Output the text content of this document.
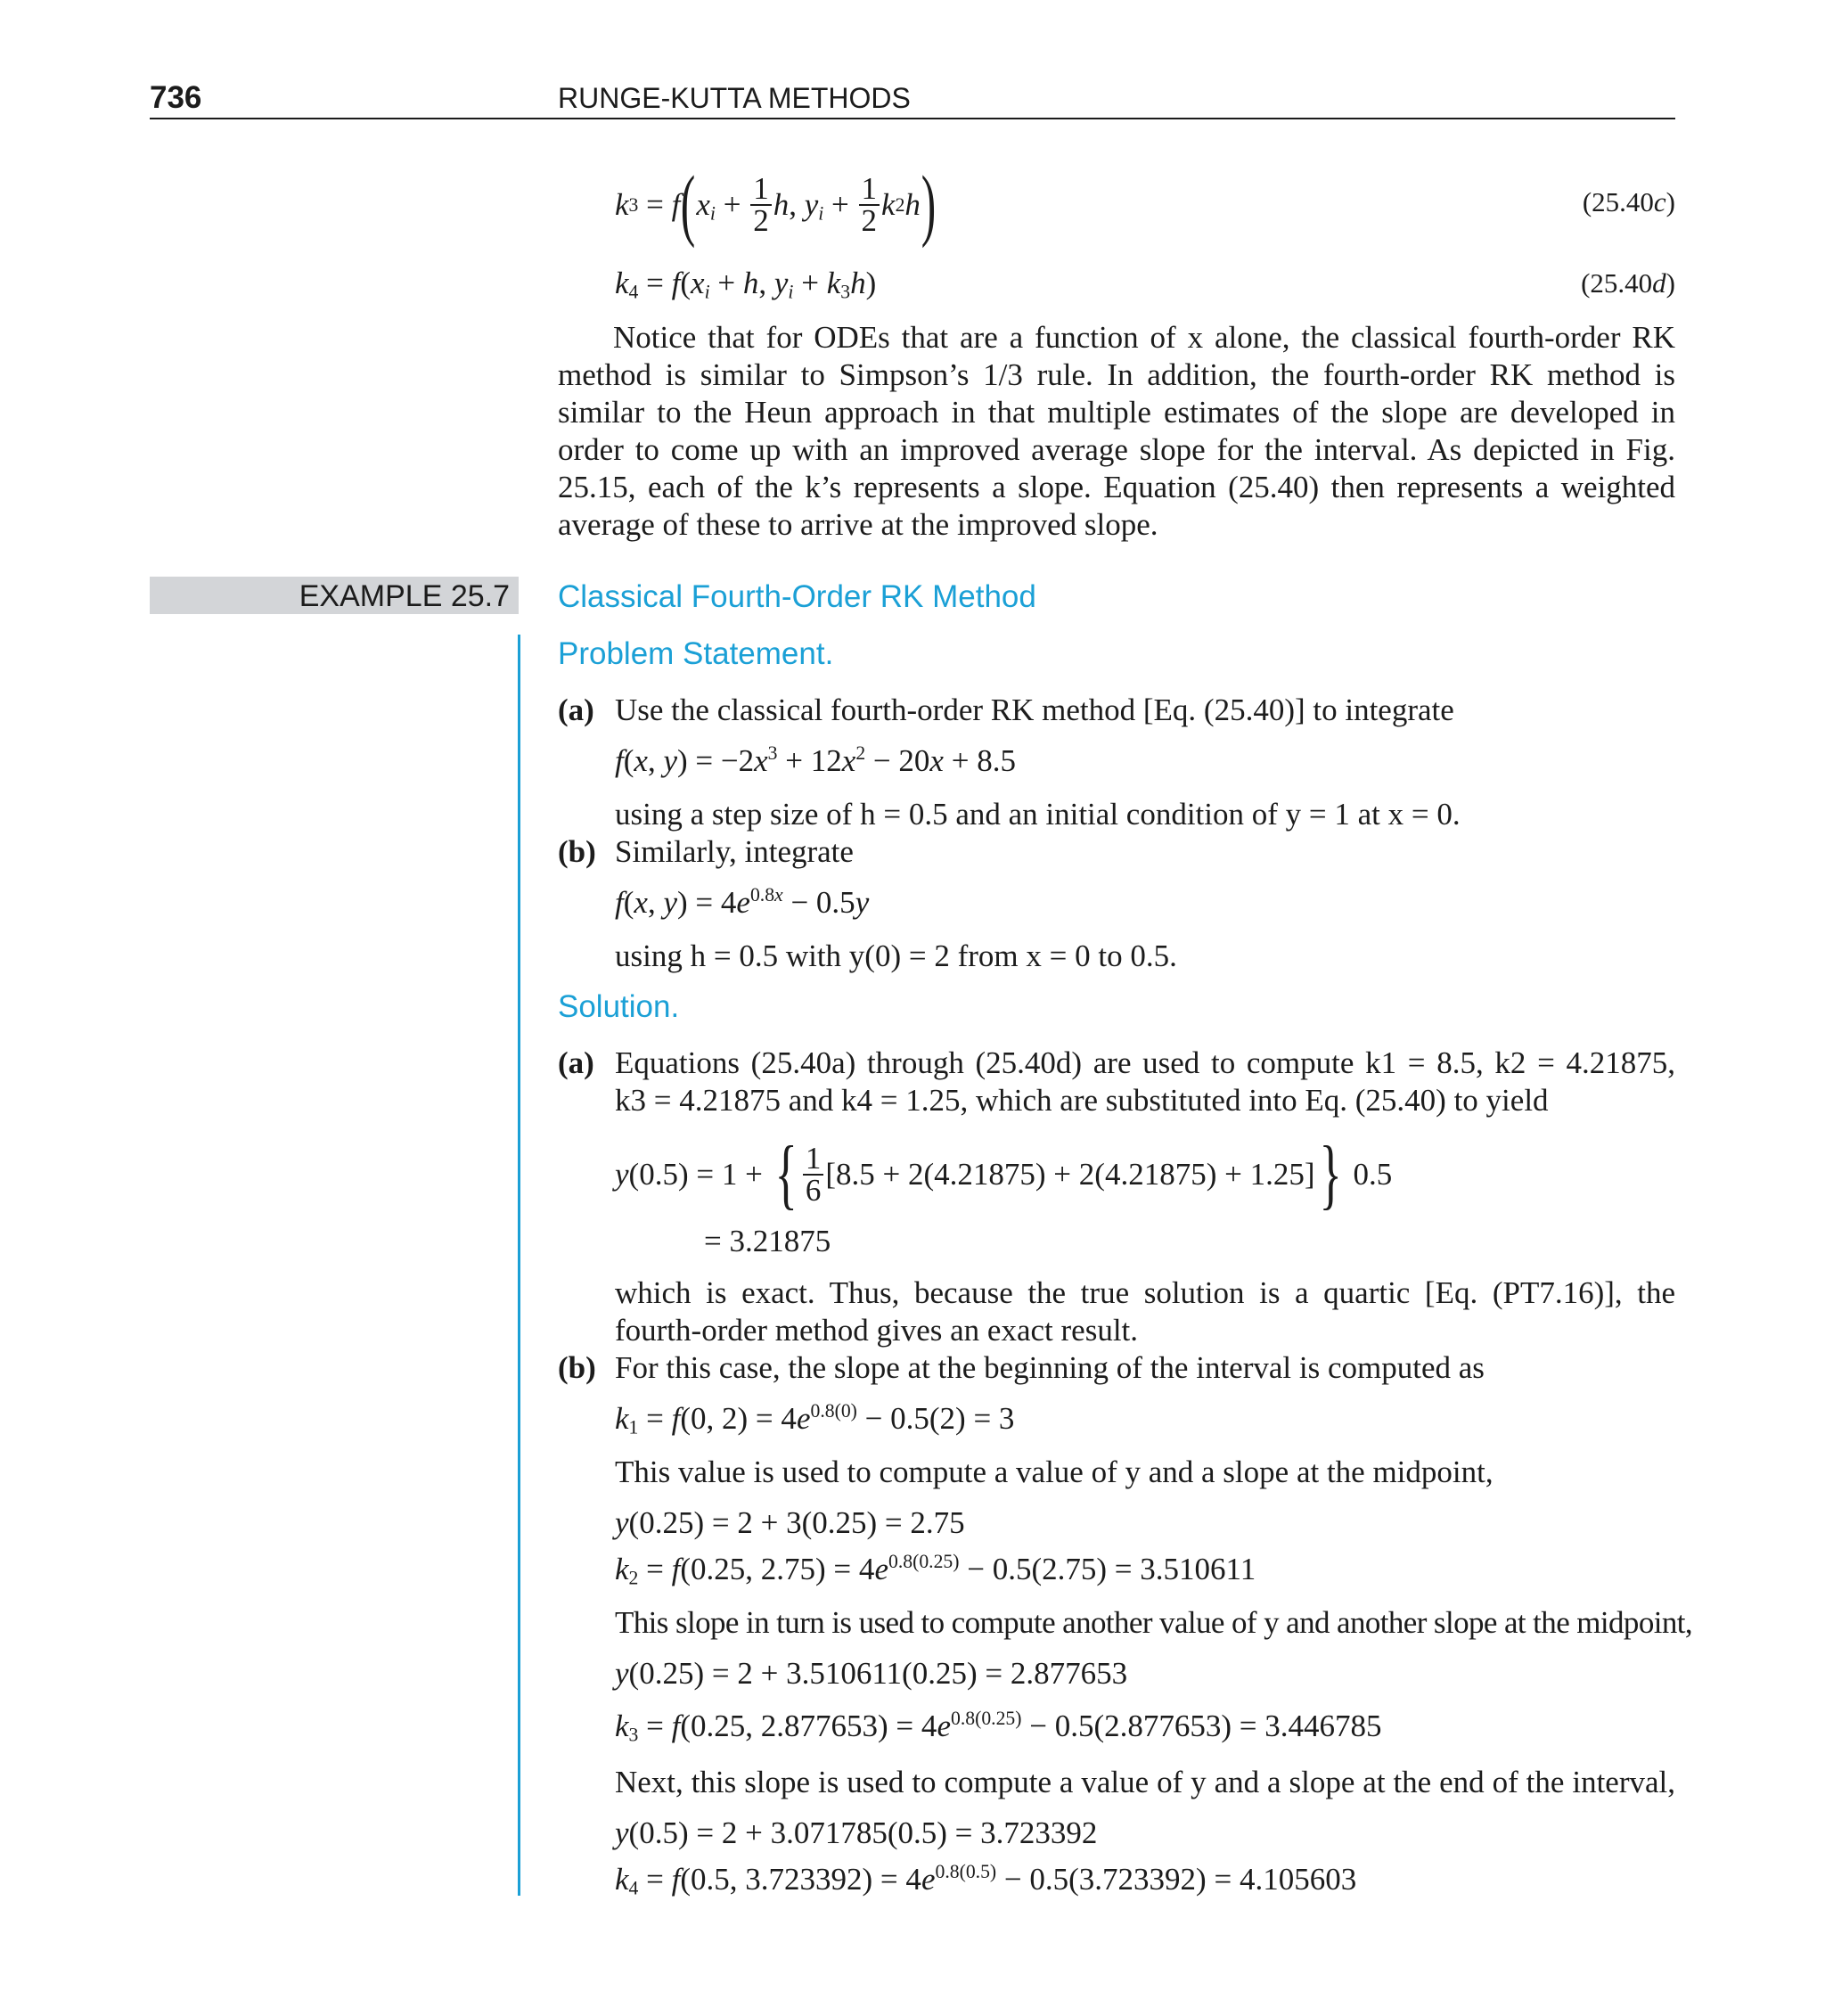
736	RUNGE-KUTTA METHODS
k 3 = f ( $x_i + \frac{1}{2}$ h , $y_i + \frac{1}{2}$ k 2 h )	(25.40c)
$k_4 = f(x_i + h$, $y_i + k_3h$)	(25.40d)
Notice that for ODEs that are a function of x alone, the classical fourth-order RK method is similar to Simpson’s 1/3 rule. In addition, the fourth-order RK method is similar to the Heun approach in that multiple estimates of the slope are developed in order to come up with an improved average slope for the interval. As depicted in Fig. 25.15, each of the k’s represents a slope. Equation (25.40) then represents a weighted average of these to arrive at the improved slope.
EXAMPLE 25.7 Classical Fourth-Order RK Method
Problem Statement.
(a) Use the classical fourth-order RK method [Eq. (25.40)] to integrate
f(x, $y) = -2x^3 + 12x^2 - 20x + 8.5$
using a step size of h = 0.5 and an initial condition of y = 1 at x = 0.
(b) Similarly, integrate
f(x, $y) = 4e^{0.8x} - 0.5y$
using h = 0.5 with y(0) = 2 from x = 0 to 0.5.
Solution.
(a) Equations (25.40a) through (25.40d) are used to compute k1 = 8.5, k2 = 4.21875,
k3 = 4.21875 and k4 = 1.25, which are substituted into Eq. (25.40) to yield
y (0.5) = 1 + { $\frac{1}{6} [8.5 + 2(4.21875) + 2(4.21875) + 1.25]$ }
0.5
= 3.21875
which is exact. Thus, because the true solution is a quartic [Eq. (PT7.16)], the fourth-order method gives an exact result.
(b) For this case, the slope at the beginning of the interval is computed as
$k_1 = f(0$, $2) = 4e^{0.8(0)} - 0.5(2) = 3$
This value is used to compute a value of y and a slope at the midpoint,
y(0.25) = 2 + 3(0.25) = 2.75
$k_2 = f(0.25$, $2.75) = 4e^{0.8(0.25)} - 0.5(2.75) = 3.510611$
This slope in turn is used to compute another value of y and another slope at the midpoint,
y(0.25) = 2 + 3.510611(0.25) = 2.877653
$k_3 = f(0.25$, $2.877653) = 4e^{0.8(0.25)} - 0.5(2.877653) = 3.446785$
Next, this slope is used to compute a value of y and a slope at the end of the interval,
y(0.5) = 2 + 3.071785(0.5) = 3.723392
$k_4 = f(0.5$, $3.723392) = 4e^{0.8(0.5)} - 0.5(3.723392) = 4.105603$
